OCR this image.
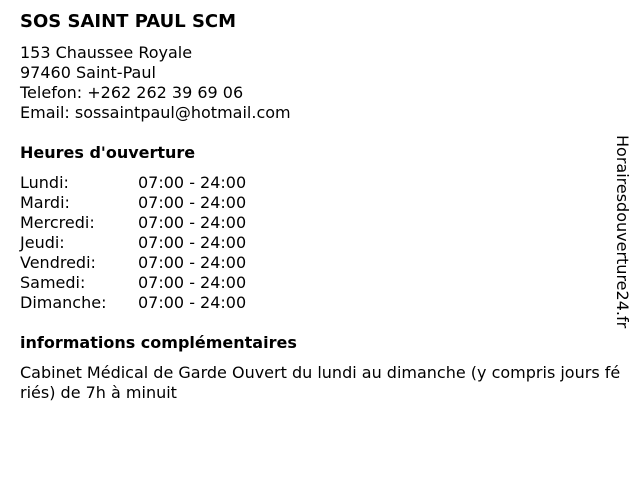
SOS SAINT PAUL SCM
153 Chaussee Royale
97460 Saint-Paul
Telefon: +262 262 39 69 06
Email: sossaintpaul@hotmail.com
Heures d'ouverture
Lundi:	07:00 - 24:00
Mardi:	07:00 - 24:00
Mercredi:	07:00 - 24:00
Jeudi:	07:00 - 24:00
Vendredi:	07:00 - 24:00
Samedi:	07:00 - 24:00
Dimanche:	07:00 - 24:00
informations complémentaires
Cabinet Médical de Garde Ouvert du lundi au dimanche (y compris jours fériés) de 7h à minuit
Horairesdouverture24.fr
